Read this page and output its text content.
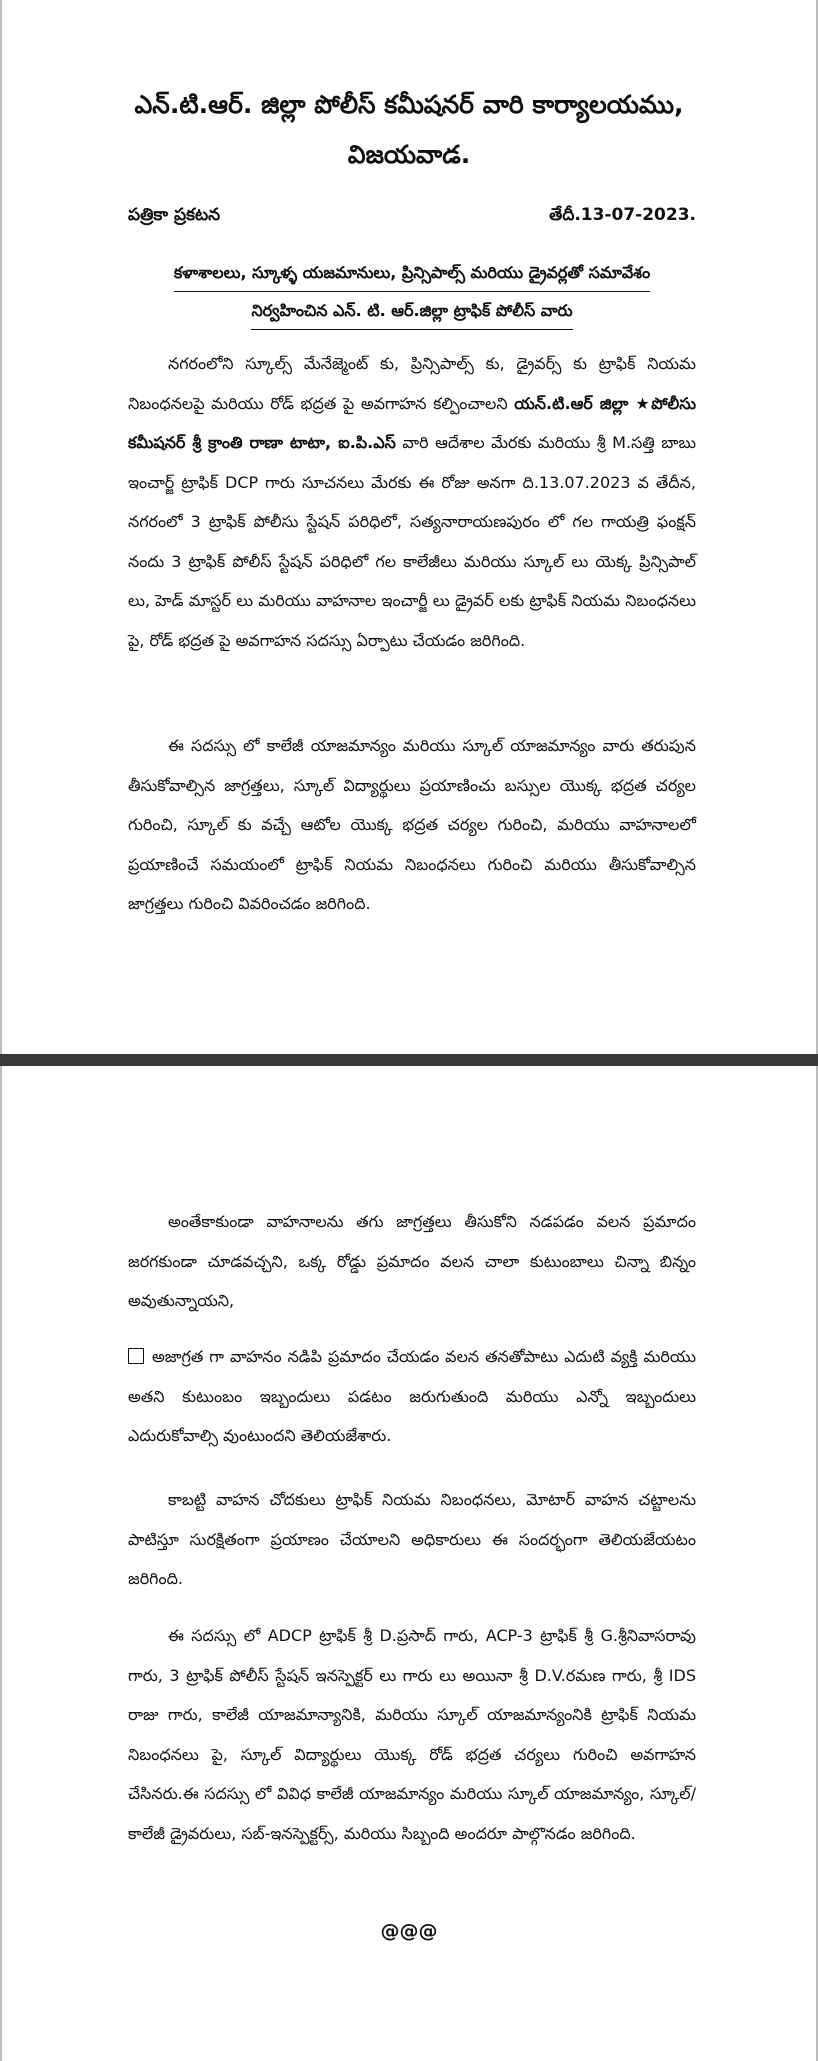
ఎన్.టి.ఆర్. జిల్లా పోలీస్ కమీషనర్ వారి కార్యాలయము,
విజయవాడ.
పత్రికా ప్రకటన	తేదీ.13-07-2023.
కళాశాలలు, స్కూళ్ళ యజమానులు, ప్రిన్సిపాల్స్ మరియు డ్రైవర్లతో సమావేశం
నిర్వహించిన ఎన్. టి. ఆర్.జిల్లా ట్రాఫిక్ పోలీస్ వారు

నగరంలోని స్కూల్స్ మేనేజ్మెంట్ కు, ప్రిన్సిపాల్స్ కు, డ్రైవర్స్ కు ట్రాఫిక్ నియమ నిబంధనలపై మరియు రోడ్ భద్రత పై అవగాహన కల్పించాలని యన్.టి.ఆర్ జిల్లా ★పోలీసు కమీషనర్ శ్రీ క్రాంతి రాణా టాటా, ఐ.పి.ఎస్ వారి ఆదేశాల మేరకు మరియు శ్రీ M.సత్తి బాబు ఇంచార్జ్ ట్రాఫిక్ DCP గారు సూచనలు మేరకు ఈ రోజు అనగా ది.13.07.2023 వ తేదీన, నగరంలో 3 ట్రాఫిక్ పోలీసు స్టేషన్ పరిధిలో, సత్యనారాయణపురం లో గల గాయత్రి ఫంక్షన్ నందు 3 ట్రాఫిక్ పోలీస్ స్టేషన్ పరిధిలో గల కాలేజీలు మరియు స్కూల్ లు యెక్క ప్రిన్సిపాల్ లు, హెడ్ మాస్టర్ లు మరియు వాహనాల ఇంచార్జీ లు డ్రైవర్ లకు ట్రాఫిక్ నియమ నిబంధనలు పై, రోడ్ భద్రత పై అవగాహన సదస్సు ఏర్పాటు చేయడం జరిగింది.

ఈ సదస్సు లో కాలేజీ యాజమాన్యం మరియు స్కూల్ యాజమాన్యం వారు తరుపున తీసుకోవాల్సిన జాగ్రత్తలు, స్కూల్ విద్యార్థులు ప్రయాణించు బస్సుల యొక్క భద్రత చర్యల గురించి, స్కూల్ కు వచ్చే ఆటోల యొక్క భద్రత చర్యల గురించి, మరియు వాహనాలలో ప్రయాణించే సమయంలో ట్రాఫిక్ నియమ నిబంధనలు గురించి మరియు తీసుకోవాల్సిన జాగ్రత్తలు గురించి వివరించడం జరిగింది.

అంతేకాకుండా వాహనాలను తగు జాగ్రత్తలు తీసుకోని నడపడం వలన ప్రమాదం జరగకుండా చూడవచ్చని, ఒక్క రోడ్డు ప్రమాదం వలన చాలా కుటుంబాలు చిన్నా బిన్నం అవుతున్నాయని,

అజాగ్రత గా వాహనం నడిపి ప్రమాదం చేయడం వలన తనతోపాటు ఎదుటి వ్యక్తి మరియు అతని కుటుంబం ఇబ్బందులు పడటం జరుగుతుంది మరియు ఎన్నో ఇబ్బందులు ఎదురుకోవాల్సి వుంటుందని తెలియజేశారు.

కాబట్టి వాహన చోదకులు ట్రాఫిక్ నియమ నిబంధనలు, మోటార్ వాహన చట్టాలను పాటిస్తూ సురక్షితంగా ప్రయాణం చేయాలని అధికారులు ఈ సందర్భంగా తెలియజేయటం జరిగింది.

ఈ సదస్సు లో ADCP ట్రాఫిక్ శ్రీ D.ప్రసాద్ గారు, ACP-3 ట్రాఫిక్ శ్రీ G.శ్రీనివాసరావు గారు, 3 ట్రాఫిక్ పోలీస్ స్టేషన్ ఇనస్పెక్టర్ లు గారు లు అయినా శ్రీ D.V.రమణ గారు, శ్రీ IDS రాజు గారు, కాలేజీ యాజమాన్యానికి, మరియు స్కూల్ యాజమాన్యంనికి ట్రాఫిక్ నియమ నిబంధనలు పై, స్కూల్ విద్యార్థులు యొక్క రోడ్ భద్రత చర్యలు గురించి అవగాహన చేసినరు.ఈ సదస్సు లో వివిధ కాలేజీ యాజమాన్యం మరియు స్కూల్ యాజమాన్యం, స్కూల్/కాలేజీ డ్రైవరులు, సబ్-ఇనస్పెక్టర్స్, మరియు సిబ్బంది అందరూ పాల్గొనడం జరిగింది.

@@@
